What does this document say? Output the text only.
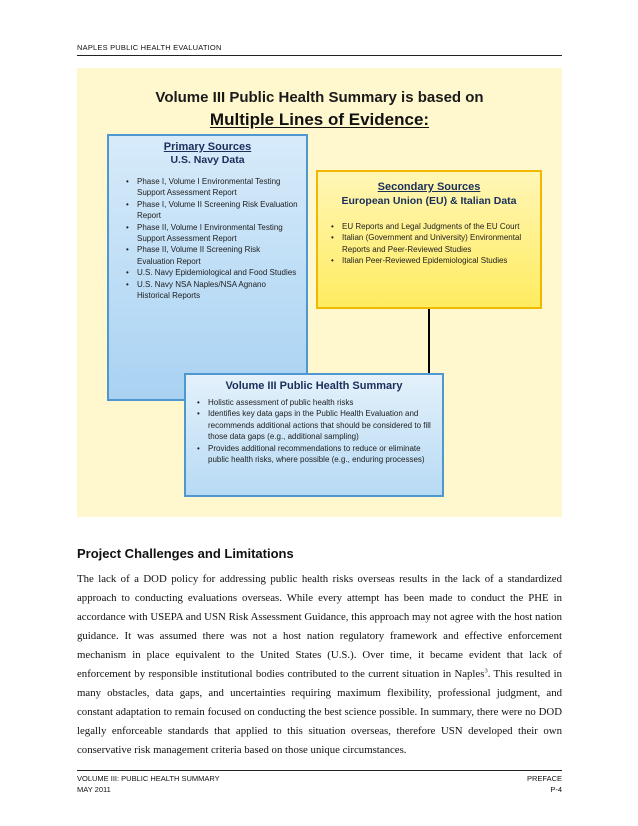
NAPLES PUBLIC HEALTH EVALUATION
Volume III Public Health Summary is based on
Multiple Lines of Evidence:
Primary Sources
U.S. Navy Data
• Phase I, Volume I Environmental Testing Support Assessment Report
• Phase I, Volume II Screening Risk Evaluation Report
• Phase II, Volume I Environmental Testing Support Assessment Report
• Phase II, Volume II Screening Risk Evaluation Report
• U.S. Navy Epidemiological and Food Studies
• U.S. Navy NSA Naples/NSA Agnano Historical Reports
Secondary Sources
European Union (EU) & Italian Data
• EU Reports and Legal Judgments of the EU Court
• Italian (Government and University) Environmental Reports and Peer-Reviewed Studies
• Italian Peer-Reviewed Epidemiological Studies
Volume III Public Health Summary
• Holistic assessment of public health risks
• Identifies key data gaps in the Public Health Evaluation and recommends additional actions that should be considered to fill those data gaps (e.g., additional sampling)
• Provides additional recommendations to reduce or eliminate public health risks, where possible (e.g., enduring processes)
Project Challenges and Limitations
The lack of a DOD policy for addressing public health risks overseas results in the lack of a standardized approach to conducting evaluations overseas. While every attempt has been made to conduct the PHE in accordance with USEPA and USN Risk Assessment Guidance, this approach may not agree with the host nation guidance. It was assumed there was not a host nation regulatory framework and effective enforcement mechanism in place equivalent to the United States (U.S.). Over time, it became evident that lack of enforcement by responsible institutional bodies contributed to the current situation in Naples$^3$. This resulted in many obstacles, data gaps, and uncertainties requiring maximum flexibility, professional judgment, and constant adaptation to remain focused on conducting the best science possible. In summary, there were no DOD legally enforceable standards that applied to this situation overseas, therefore USN developed their own conservative risk management criteria based on those unique circumstances.
VOLUME III: PUBLIC HEALTH SUMMARY
MAY 2011
PREFACE
P-4
